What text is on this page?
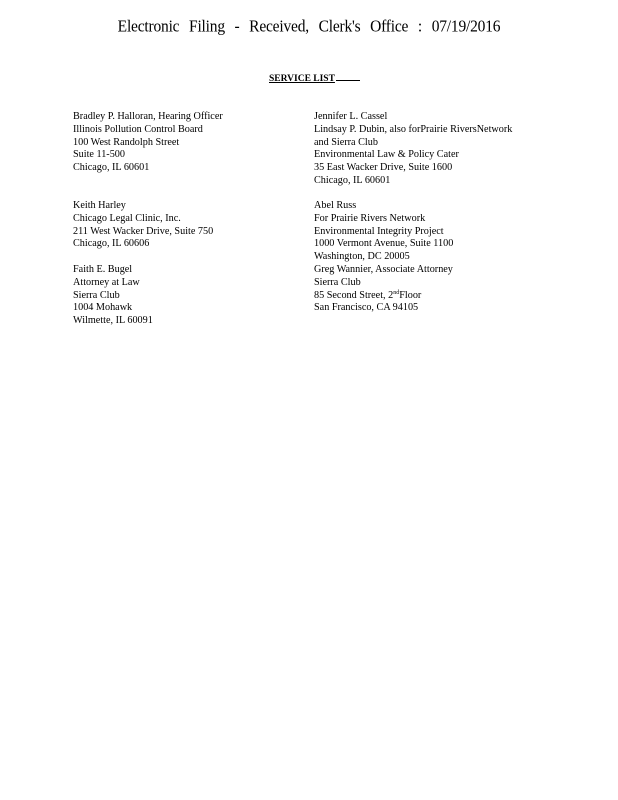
Electronic Filing - Received, Clerk's Office : 07/19/2016
SERVICE LIST
Bradley P. Halloran, Hearing Officer
Illinois Pollution Control Board
100 West Randolph Street
Suite 11-500
Chicago, IL 60601
Keith Harley
Chicago Legal Clinic, Inc.
211 West Wacker Drive, Suite 750
Chicago, IL 60606
Faith E. Bugel
Attorney at Law
Sierra Club
1004 Mohawk
Wilmette, IL 60091
Jennifer L. Cassel
Lindsay P. Dubin, also forPrairie RiversNetwork
and Sierra Club
Environmental Law & Policy Cater
35 East Wacker Drive, Suite 1600
Chicago, IL 60601
Abel Russ
For Prairie Rivers Network
Environmental Integrity Project
1000 Vermont Avenue, Suite 1100
Washington, DC 20005
Greg Wannier, Associate Attorney
Sierra Club
85 Second Street, 2ndFloor
San Francisco, CA 94105
